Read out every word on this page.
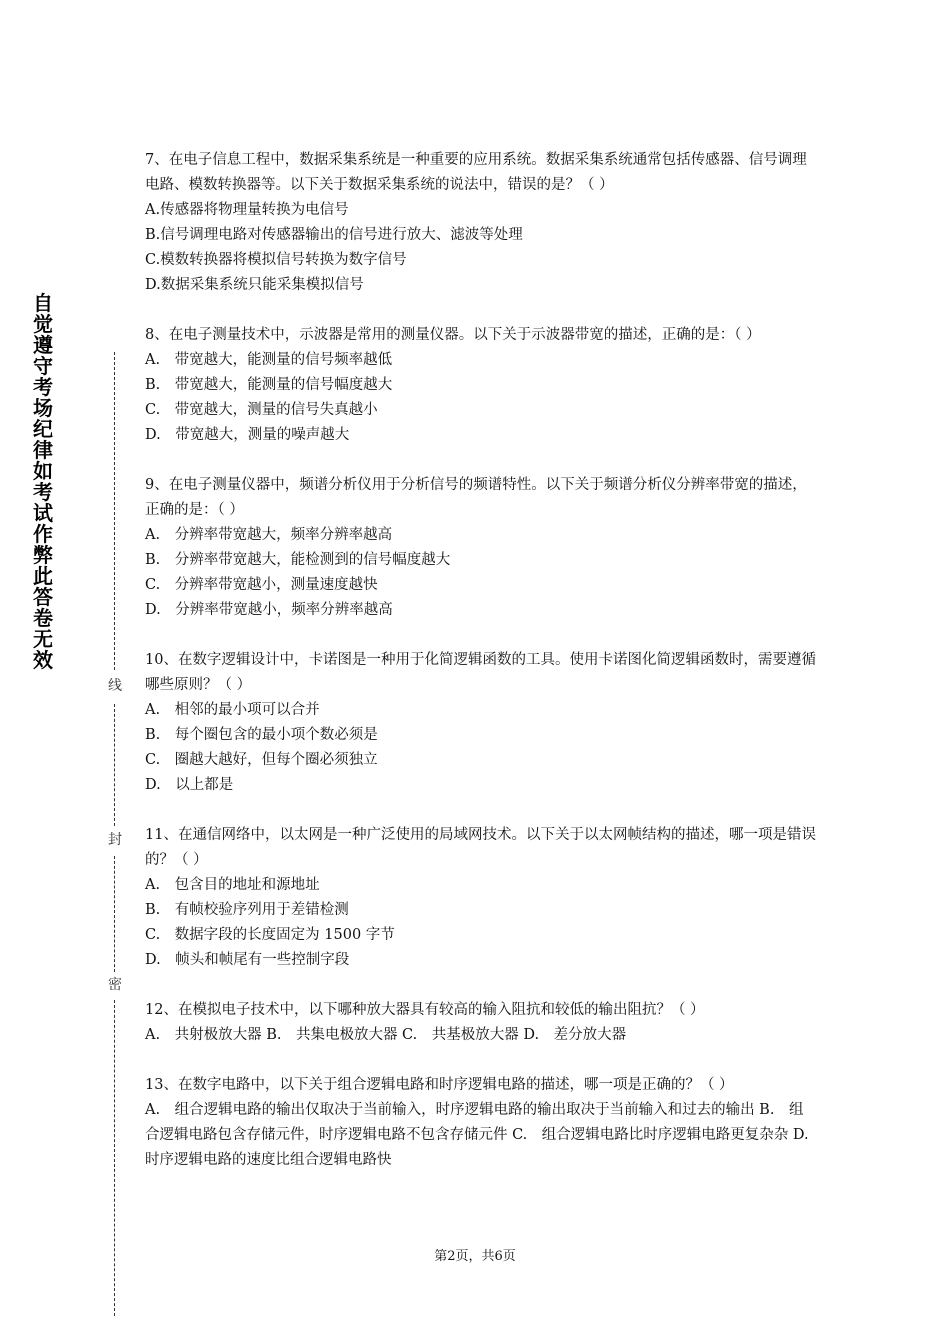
自觉遵守考场纪律如考试作弊此答卷无效
线
封
密

7、在电子信息工程中，数据采集系统是一种重要的应用系统。数据采集系统通常包括传感器、信号调理电路、模数转换器等。以下关于数据采集系统的说法中，错误的是？（ ）

A.传感器将物理量转换为电信号

B.信号调理电路对传感器输出的信号进行放大、滤波等处理

C.模数转换器将模拟信号转换为数字信号

D.数据采集系统只能采集模拟信号

8、在电子测量技术中，示波器是常用的测量仪器。以下关于示波器带宽的描述，正确的是：（ ）

A.　带宽越大，能测量的信号频率越低

B.　带宽越大，能测量的信号幅度越大

C.　带宽越大，测量的信号失真越小

D.　带宽越大，测量的噪声越大

9、在电子测量仪器中，频谱分析仪用于分析信号的频谱特性。以下关于频谱分析仪分辨率带宽的描述，正确的是：（ ）

A.　分辨率带宽越大，频率分辨率越高

B.　分辨率带宽越大，能检测到的信号幅度越大

C.　分辨率带宽越小，测量速度越快

D.　分辨率带宽越小，频率分辨率越高

10、在数字逻辑设计中，卡诺图是一种用于化简逻辑函数的工具。使用卡诺图化简逻辑函数时，需要遵循哪些原则？（ ）

A.　相邻的最小项可以合并

B.　每个圈包含的最小项个数必须是

C.　圈越大越好，但每个圈必须独立

D.　以上都是

11、在通信网络中，以太网是一种广泛使用的局域网技术。以下关于以太网帧结构的描述，哪一项是错误的？（ ）

A.　包含目的地址和源地址

B.　有帧校验序列用于差错检测

C.　数据字段的长度固定为 1500 字节

D.　帧头和帧尾有一些控制字段

12、在模拟电子技术中，以下哪种放大器具有较高的输入阻抗和较低的输出阻抗？（ ）

A.　共射极放大器 B.　共集电极放大器 C.　共基极放大器 D.　差分放大器

13、在数字电路中，以下关于组合逻辑电路和时序逻辑电路的描述，哪一项是正确的？（ ）

A.　组合逻辑电路的输出仅取决于当前输入，时序逻辑电路的输出取决于当前输入和过去的输出 B.　组合逻辑电路包含存储元件，时序逻辑电路不包含存储元件 C.　组合逻辑电路比时序逻辑电路更复杂杂 D.　时序逻辑电路的速度比组合逻辑电路快

第2页，共6页
